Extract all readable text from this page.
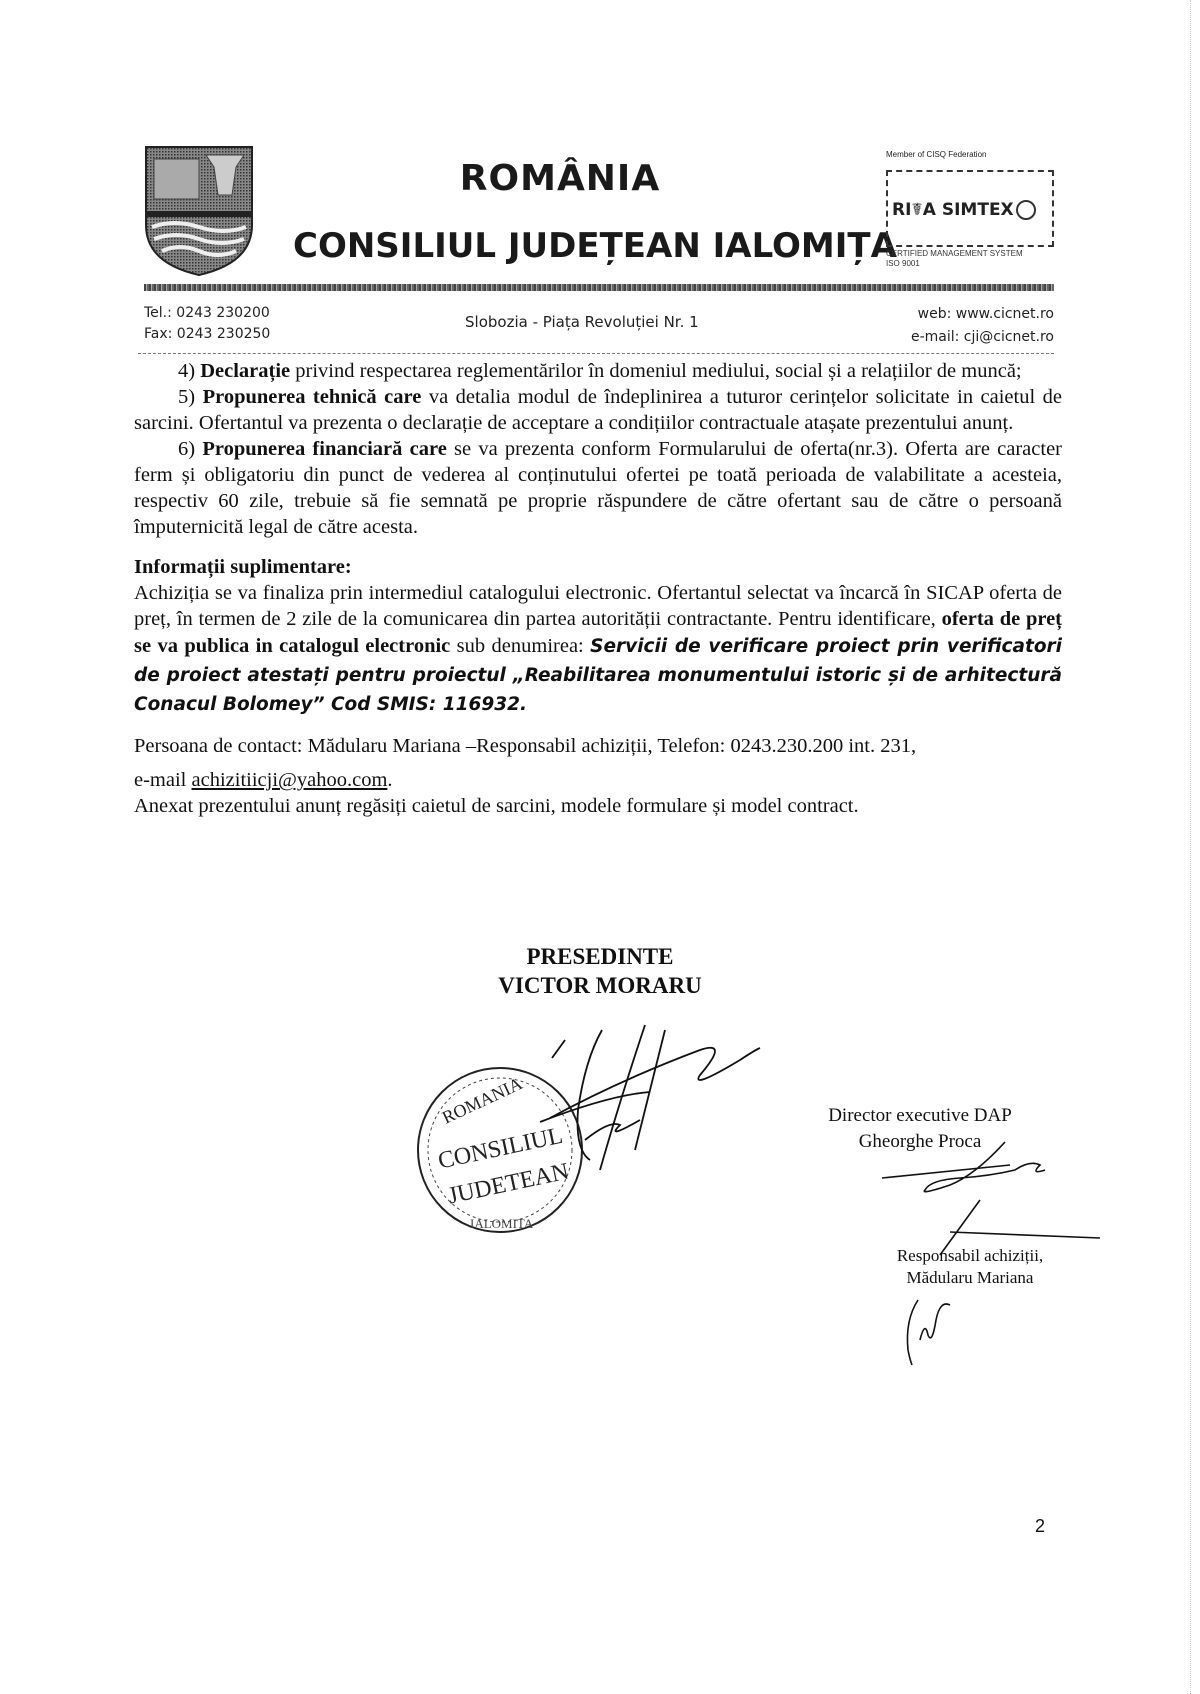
ROMÂNIA
CONSILIUL JUDEȚEAN IALOMIȚA
Member of CISQ Federation
RI☤A SIMTEX
CERTIFIED MANAGEMENT SYSTEM
ISO 9001
Tel.: 0243 230200
Fax: 0243 230250
Slobozia - Piața Revoluției Nr. 1	web: www.cicnet.ro
e-mail: cji@cicnet.ro

4) Declarație privind respectarea reglementărilor în domeniul mediului, social și a relațiilor de muncă;

5) Propunerea tehnică care va detalia modul de îndeplinirea a tuturor cerințelor solicitate in caietul de sarcini. Ofertantul va prezenta o declarație de acceptare a condițiilor contractuale atașate prezentului anunț.

6) Propunerea financiară care se va prezenta conform Formularului de oferta(nr.3). Oferta are caracter ferm și obligatoriu din punct de vederea al conținutului ofertei pe toată perioada de valabilitate a acesteia, respectiv 60 zile, trebuie să fie semnată pe proprie răspundere de către ofertant sau de către o persoană împuternicită legal de către acesta.

Informații suplimentare:

Achiziția se va finaliza prin intermediul catalogului electronic. Ofertantul selectat va încarcă în SICAP oferta de preț, în termen de 2 zile de la comunicarea din partea autorității contractante. Pentru identificare, oferta de preț se va publica in catalogul electronic sub denumirea: Servicii de verificare proiect prin verificatori de proiect atestați pentru proiectul „Reabilitarea monumentului istoric și de arhitectură Conacul Bolomey” Cod SMIS: 116932.

Persoana de contact: Mădularu Mariana –Responsabil achiziții, Telefon: 0243.230.200 int. 231,

e-mail achizitiicji@yahoo.com.

Anexat prezentului anunț regăsiți caietul de sarcini, modele formulare și model contract.

PRESEDINTE
VICTOR MORARU
ROMANIA
CONSILIUL
JUDETEAN
IALOMITA
Director executive DAP
Gheorghe Proca
Responsabil achiziții,
Mădularu Mariana
2
